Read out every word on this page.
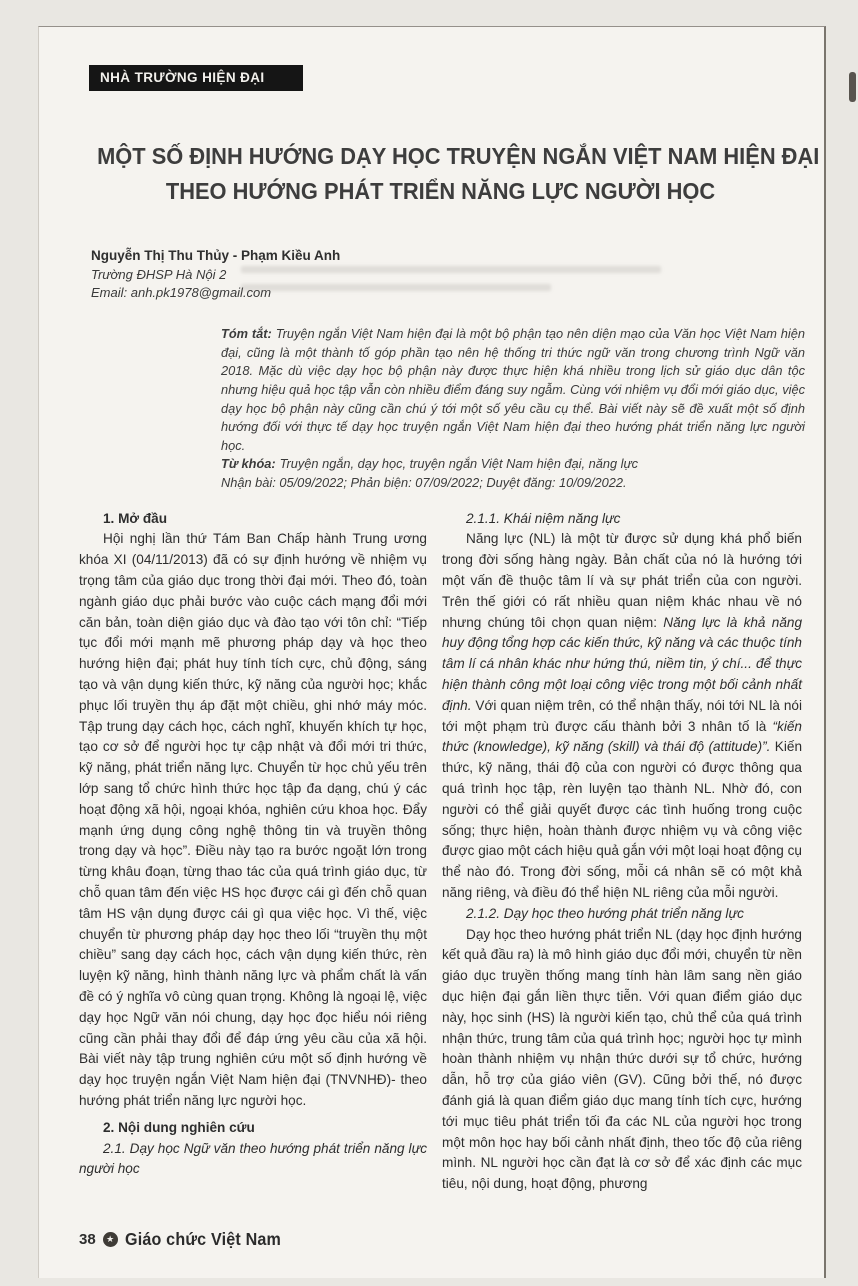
NHÀ TRƯỜNG HIỆN ĐẠI
MỘT SỐ ĐỊNH HƯỚNG DẠY HỌC TRUYỆN NGẮN VIỆT NAM HIỆN ĐẠI
THEO HƯỚNG PHÁT TRIỂN NĂNG LỰC NGƯỜI HỌC
Nguyễn Thị Thu Thủy - Phạm Kiều Anh
Trường ĐHSP Hà Nội 2
Email: anh.pk1978@gmail.com

Tóm tắt: Truyện ngắn Việt Nam hiện đại là một bộ phận tạo nên diện mạo của Văn học Việt Nam hiện đại, cũng là một thành tố góp phần tạo nên hệ thống tri thức ngữ văn trong chương trình Ngữ văn 2018. Mặc dù việc dạy học bộ phận này được thực hiện khá nhiều trong lịch sử giáo dục dân tộc nhưng hiệu quả học tập vẫn còn nhiều điểm đáng suy ngẫm. Cùng với nhiệm vụ đổi mới giáo dục, việc dạy học bộ phận này cũng cần chú ý tới một số yêu cầu cụ thể. Bài viết này sẽ đề xuất một số định hướng đối với thực tế dạy học truyện ngắn Việt Nam hiện đại theo hướng phát triển năng lực người học.

Từ khóa: Truyện ngắn, dạy học, truyện ngắn Việt Nam hiện đại, năng lực

Nhận bài: 05/09/2022; Phản biện: 07/09/2022; Duyệt đăng: 10/09/2022.

1. Mở đầu

Hội nghị lần thứ Tám Ban Chấp hành Trung ương khóa XI (04/11/2013) đã có sự định hướng về nhiệm vụ trọng tâm của giáo dục trong thời đại mới. Theo đó, toàn ngành giáo dục phải bước vào cuộc cách mạng đổi mới căn bản, toàn diện giáo dục và đào tạo với tôn chỉ: “Tiếp tục đổi mới mạnh mẽ phương pháp dạy và học theo hướng hiện đại; phát huy tính tích cực, chủ động, sáng tạo và vận dụng kiến thức, kỹ năng của người học; khắc phục lối truyền thụ áp đặt một chiều, ghi nhớ máy móc. Tập trung dạy cách học, cách nghĩ, khuyến khích tự học, tạo cơ sở để người học tự cập nhật và đổi mới tri thức, kỹ năng, phát triển năng lực. Chuyển từ học chủ yếu trên lớp sang tổ chức hình thức học tập đa dạng, chú ý các hoạt động xã hội, ngoại khóa, nghiên cứu khoa học. Đẩy mạnh ứng dụng công nghệ thông tin và truyền thông trong dạy và học”. Điều này tạo ra bước ngoặt lớn trong từng khâu đoạn, từng thao tác của quá trình giáo dục, từ chỗ quan tâm đến việc HS học được cái gì đến chỗ quan tâm HS vận dụng được cái gì qua việc học. Vì thế, việc chuyển từ phương pháp dạy học theo lối “truyền thụ một chiều” sang dạy cách học, cách vận dụng kiến thức, rèn luyện kỹ năng, hình thành năng lực và phẩm chất là vấn đề có ý nghĩa vô cùng quan trọng. Không là ngoại lệ, việc dạy học Ngữ văn nói chung, dạy học đọc hiểu nói riêng cũng cần phải thay đổi để đáp ứng yêu cầu của xã hội. Bài viết này tập trung nghiên cứu một số định hướng về dạy học truyện ngắn Việt Nam hiện đại (TNVNHĐ)- theo hướng phát triển năng lực người học.

2. Nội dung nghiên cứu

2.1. Dạy học Ngữ văn theo hướng phát triển năng lực người học

2.1.1. Khái niệm năng lực

Năng lực (NL) là một từ được sử dụng khá phổ biến trong đời sống hàng ngày. Bản chất của nó là hướng tới một vấn đề thuộc tâm lí và sự phát triển của con người. Trên thế giới có rất nhiều quan niệm khác nhau về nó nhưng chúng tôi chọn quan niệm: Năng lực là khả năng huy động tổng hợp các kiến thức, kỹ năng và các thuộc tính tâm lí cá nhân khác như hứng thú, niềm tin, ý chí... để thực hiện thành công một loại công việc trong một bối cảnh nhất định. Với quan niệm trên, có thể nhận thấy, nói tới NL là nói tới một phạm trù được cấu thành bởi 3 nhân tố là “kiến thức (knowledge), kỹ năng (skill) và thái độ (attitude)”. Kiến thức, kỹ năng, thái độ của con người có được thông qua quá trình học tập, rèn luyện tạo thành NL. Nhờ đó, con người có thể giải quyết được các tình huống trong cuộc sống; thực hiện, hoàn thành được nhiệm vụ và công việc được giao một cách hiệu quả gắn với một loại hoạt động cụ thể nào đó. Trong đời sống, mỗi cá nhân sẽ có một khả năng riêng, và điều đó thể hiện NL riêng của mỗi người.

2.1.2. Dạy học theo hướng phát triển năng lực

Dạy học theo hướng phát triển NL (dạy học định hướng kết quả đầu ra) là mô hình giáo dục đổi mới, chuyển từ nền giáo dục truyền thống mang tính hàn lâm sang nền giáo dục hiện đại gắn liền thực tiễn. Với quan điểm giáo dục này, học sinh (HS) là người kiến tạo, chủ thể của quá trình nhận thức, trung tâm của quá trình học; người học tự mình hoàn thành nhiệm vụ nhận thức dưới sự tổ chức, hướng dẫn, hỗ trợ của giáo viên (GV). Cũng bởi thế, nó được đánh giá là quan điểm giáo dục mang tính tích cực, hướng tới mục tiêu phát triển tối đa các NL của người học trong một môn học hay bối cảnh nhất định, theo tốc độ của riêng mình. NL người học cần đạt là cơ sở để xác định các mục tiêu, nội dung, hoạt động, phương

38 ★ Giáo chức Việt Nam
